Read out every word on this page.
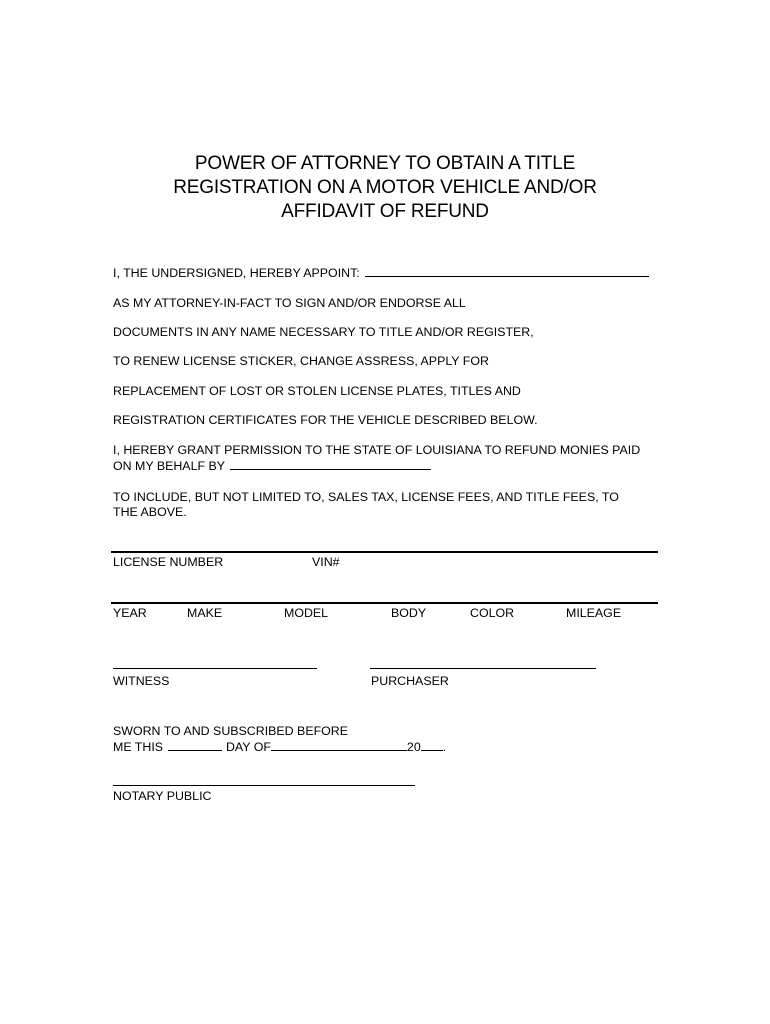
POWER OF ATTORNEY TO OBTAIN A TITLE
REGISTRATION ON A MOTOR VEHICLE AND/OR
AFFIDAVIT OF REFUND
I, THE UNDERSIGNED, HEREBY APPOINT:
AS MY ATTORNEY-IN-FACT TO SIGN AND/OR ENDORSE ALL
DOCUMENTS IN ANY NAME NECESSARY TO TITLE AND/OR REGISTER,
TO RENEW LICENSE STICKER, CHANGE ASSRESS, APPLY FOR
REPLACEMENT OF LOST OR STOLEN LICENSE PLATES, TITLES AND
REGISTRATION CERTIFICATES FOR THE VEHICLE DESCRIBED BELOW.
I, HEREBY GRANT PERMISSION TO THE STATE OF LOUISIANA TO REFUND MONIES PAID
ON MY BEHALF BY
TO INCLUDE, BUT NOT LIMITED TO, SALES TAX, LICENSE FEES, AND TITLE FEES, TO
THE ABOVE.
LICENSE NUMBER	VIN#
YEAR	MAKE	MODEL	BODY	COLOR	MILEAGE
WITNESS	PURCHASER
SWORN TO AND SUBSCRIBED BEFORE
ME THIS	DAY OF	20 .
NOTARY PUBLIC
